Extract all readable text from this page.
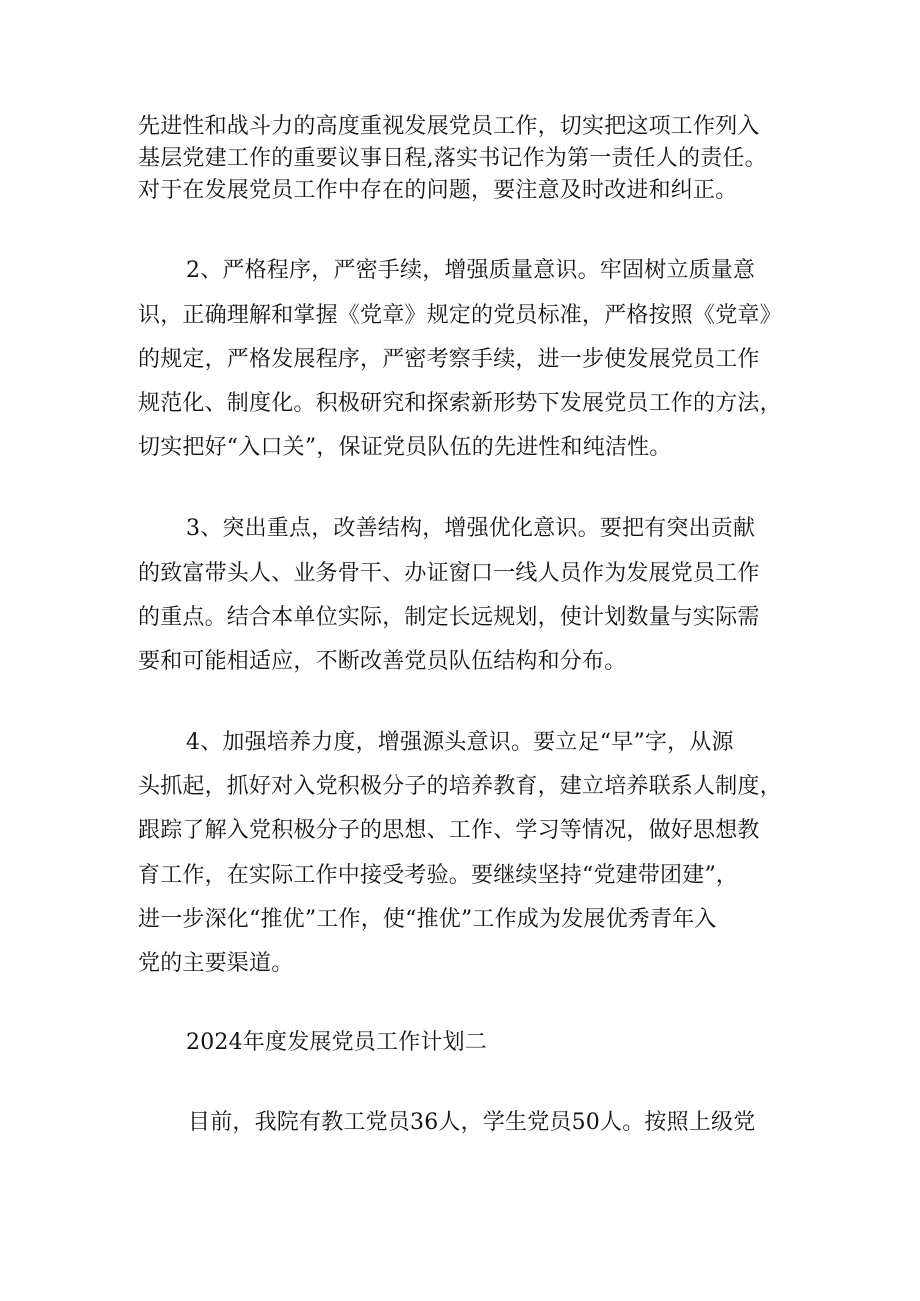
先进性和战斗力的高度重视发展党员工作，切实把这项工作列入
基层党建工作的重要议事日程,落实书记作为第一责任人的责任。
对于在发展党员工作中存在的问题，要注意及时改进和纠正。
2、严格程序，严密手续，增强质量意识。牢固树立质量意
识，正确理解和掌握《党章》规定的党员标准，严格按照《党章》
的规定，严格发展程序，严密考察手续，进一步使发展党员工作
规范化、制度化。积极研究和探索新形势下发展党员工作的方法，
切实把好“入口关”，保证党员队伍的先进性和纯洁性。
3、突出重点，改善结构，增强优化意识。要把有突出贡献
的致富带头人、业务骨干、办证窗口一线人员作为发展党员工作
的重点。结合本单位实际，制定长远规划，使计划数量与实际需
要和可能相适应，不断改善党员队伍结构和分布。
4、加强培养力度，增强源头意识。要立足“早”字，从源
头抓起，抓好对入党积极分子的培养教育，建立培养联系人制度，
跟踪了解入党积极分子的思想、工作、学习等情况，做好思想教
育工作，在实际工作中接受考验。要继续坚持“党建带团建”，
进一步深化“推优”工作，使“推优”工作成为发展优秀青年入
党的主要渠道。
2024年度发展党员工作计划二
目前，我院有教工党员36人，学生党员50人。按照上级党
